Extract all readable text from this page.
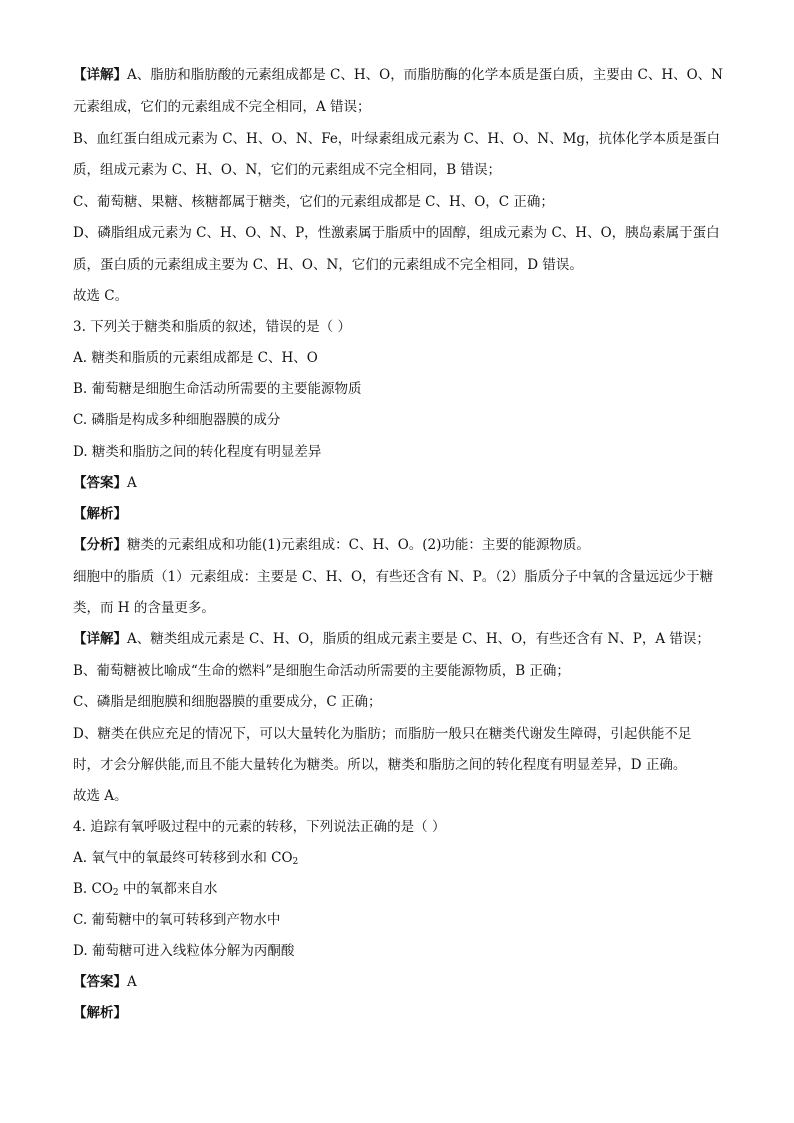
【详解】A、脂肪和脂肪酸的元素组成都是 C、H、O，而脂肪酶的化学本质是蛋白质，主要由 C、H、O、N
元素组成，它们的元素组成不完全相同，A 错误；
B、血红蛋白组成元素为 C、H、O、N、Fe，叶绿素组成元素为 C、H、O、N、Mg，抗体化学本质是蛋白
质，组成元素为 C、H、O、N，它们的元素组成不完全相同，B 错误；
C、葡萄糖、果糖、核糖都属于糖类，它们的元素组成都是 C、H、O，C 正确；
D、磷脂组成元素为 C、H、O、N、P，性激素属于脂质中的固醇，组成元素为 C、H、O，胰岛素属于蛋白
质，蛋白质的元素组成主要为 C、H、O、N，它们的元素组成不完全相同，D 错误。
故选 C。
3. 下列关于糖类和脂质的叙述，错误的是（ ）
A. 糖类和脂质的元素组成都是 C、H、O
B. 葡萄糖是细胞生命活动所需要的主要能源物质
C. 磷脂是构成多种细胞器膜的成分
D. 糖类和脂肪之间的转化程度有明显差异
【答案】A
【解析】
【分析】糖类的元素组成和功能(1)元素组成：C、H、O。(2)功能：主要的能源物质。
细胞中的脂质（1）元素组成：主要是 C、H、O，有些还含有 N、P。（2）脂质分子中氧的含量远远少于糖
类，而 H 的含量更多。
【详解】A、糖类组成元素是 C、H、O，脂质的组成元素主要是 C、H、O，有些还含有 N、P，A 错误；
B、葡萄糖被比喻成“生命的燃料”是细胞生命活动所需要的主要能源物质，B 正确；
C、磷脂是细胞膜和细胞器膜的重要成分，C 正确；
D、糖类在供应充足的情况下，可以大量转化为脂肪；而脂肪一般只在糖类代谢发生障碍，引起供能不足
时，才会分解供能,而且不能大量转化为糖类。所以，糖类和脂肪之间的转化程度有明显差异，D 正确。
故选 A。
4. 追踪有氧呼吸过程中的元素的转移，下列说法正确的是（ ）
A. 氧气中的氧最终可转移到水和 $CO_2$
B. $CO_2$ 中的氧都来自水
C. 葡萄糖中的氧可转移到产物水中
D. 葡萄糖可进入线粒体分解为丙酮酸
【答案】A
【解析】
